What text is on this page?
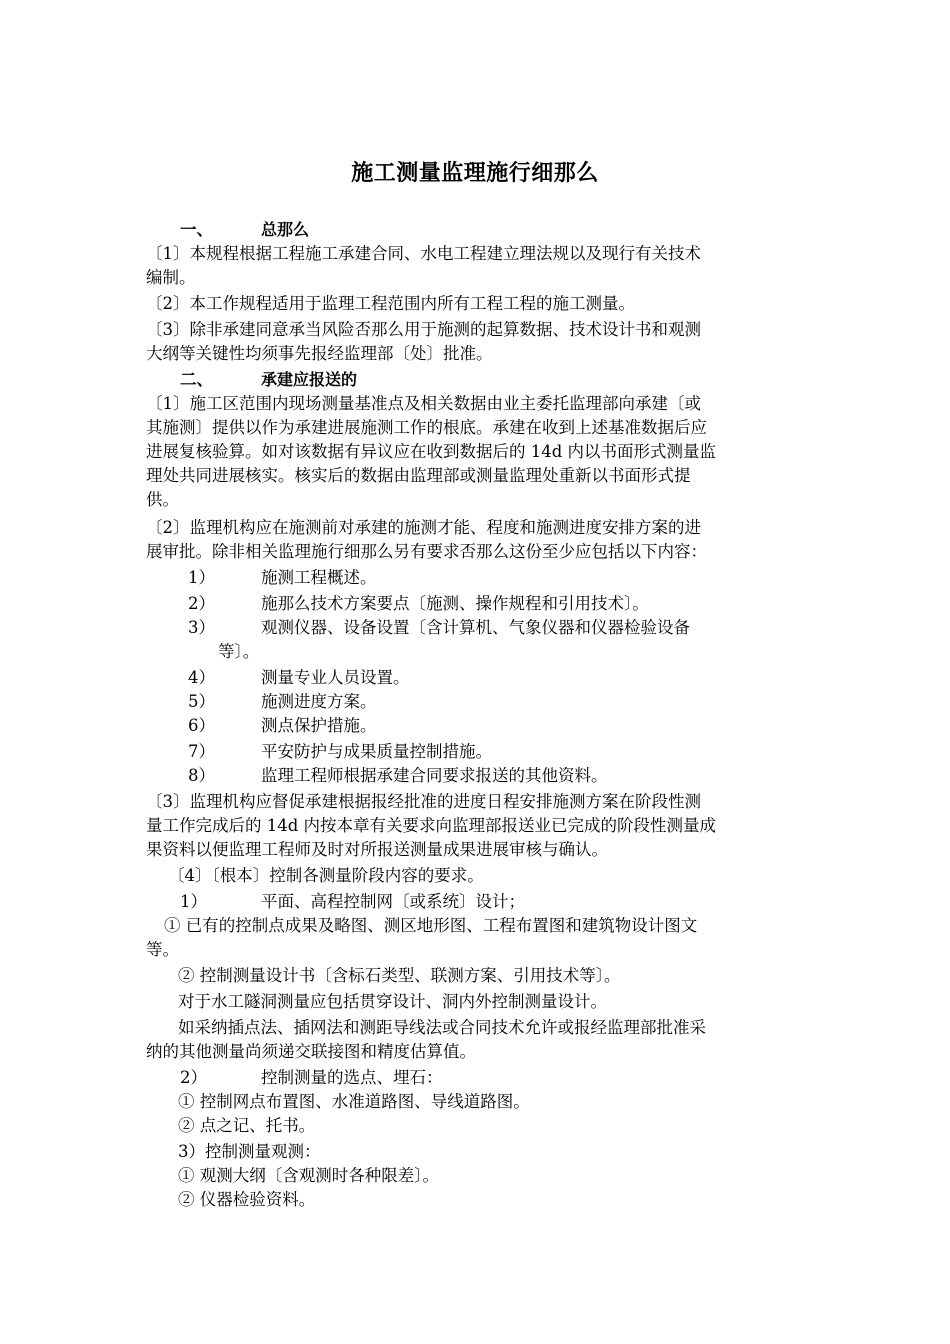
施工测量监理施行细那么
一、	总那么
〔1〕本规程根据工程施工承建合同、水电工程建立理法规以及现行有关技术
编制。
〔2〕本工作规程适用于监理工程范围内所有工程工程的施工测量。
〔3〕除非承建同意承当风险否那么用于施测的起算数据、技术设计书和观测
大纲等关键性均须事先报经监理部〔处〕批准。
二、	承建应报送的
〔1〕施工区范围内现场测量基准点及相关数据由业主委托监理部向承建〔或
其施测〕提供以作为承建进展施测工作的根底。承建在收到上述基准数据后应
进展复核验算。如对该数据有异议应在收到数据后的 14d 内以书面形式测量监
理处共同进展核实。核实后的数据由监理部或测量监理处重新以书面形式提
供。
〔2〕监理机构应在施测前对承建的施测才能、程度和施测进度安排方案的进
展审批。除非相关监理施行细那么另有要求否那么这份至少应包括以下内容：
1）	施测工程概述。
2）	施那么技术方案要点〔施测、操作规程和引用技术〕。
3）	观测仪器、设备设置〔含计算机、气象仪器和仪器检验设备
等〕。
4）	测量专业人员设置。
5）	施测进度方案。
6）	测点保护措施。
7）	平安防护与成果质量控制措施。
8）	监理工程师根据承建合同要求报送的其他资料。
〔3〕监理机构应督促承建根据报经批准的进度日程安排施测方案在阶段性测
量工作完成后的 14d 内按本章有关要求向监理部报送业已完成的阶段性测量成
果资料以便监理工程师及时对所报送测量成果进展审核与确认。
〔4〕〔根本〕控制各测量阶段内容的要求。
1）	平面、高程控制网〔或系统〕设计；
① 已有的控制点成果及略图、测区地形图、工程布置图和建筑物设计图文
等。
② 控制测量设计书〔含标石类型、联测方案、引用技术等〕。
对于水工隧洞测量应包括贯穿设计、洞内外控制测量设计。
如采纳插点法、插网法和测距导线法或合同技术允许或报经监理部批准采
纳的其他测量尚须递交联接图和精度估算值。
2）	控制测量的选点、埋石：
① 控制网点布置图、水准道路图、导线道路图。
② 点之记、托书。
3）控制测量观测：
① 观测大纲〔含观测时各种限差〕。
② 仪器检验资料。
